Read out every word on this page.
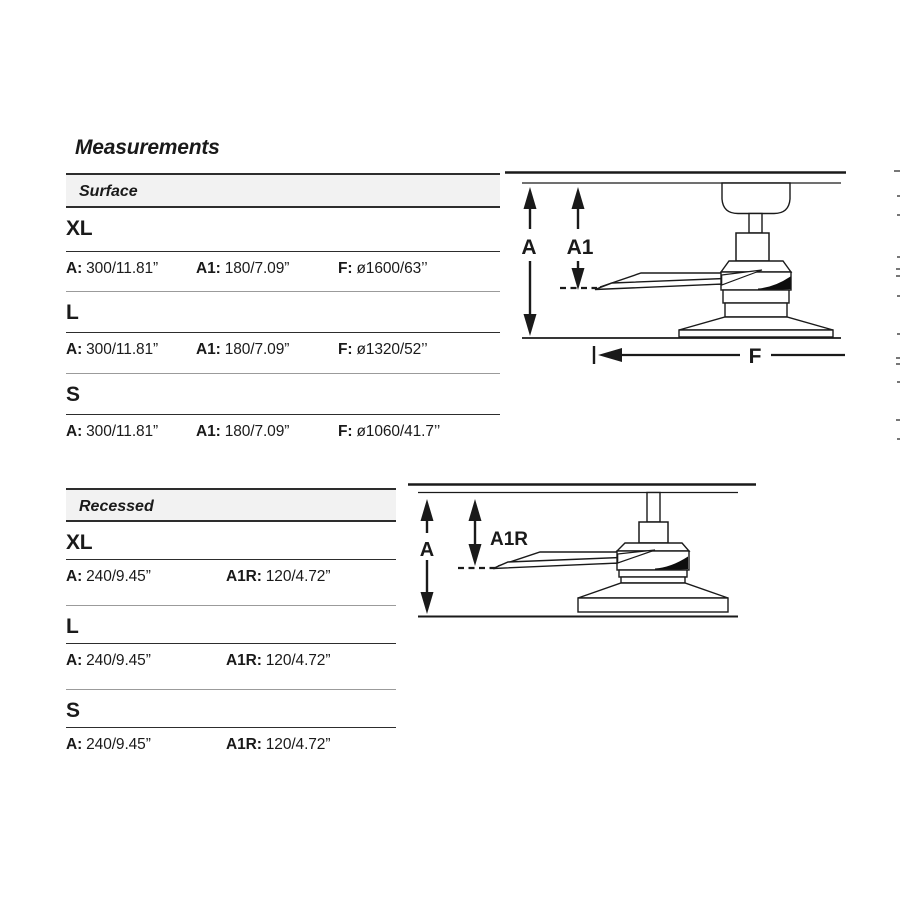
Measurements
Surface
XL
A: 300/11.81” A1: 180/7.09”	F: ø1600/63’’
L
A: 300/11.81” A1: 180/7.09”	F: ø1320/52’’
S
A: 300/11.81” A1: 180/7.09”	F: ø1060/41.7’’
Recessed
XL
A: 240/9.45”	A1R: 120/4.72”
L
A: 240/9.45”	A1R: 120/4.72”
S
A: 240/9.45”	A1R: 120/4.72”
A A1
F
A	A1R
